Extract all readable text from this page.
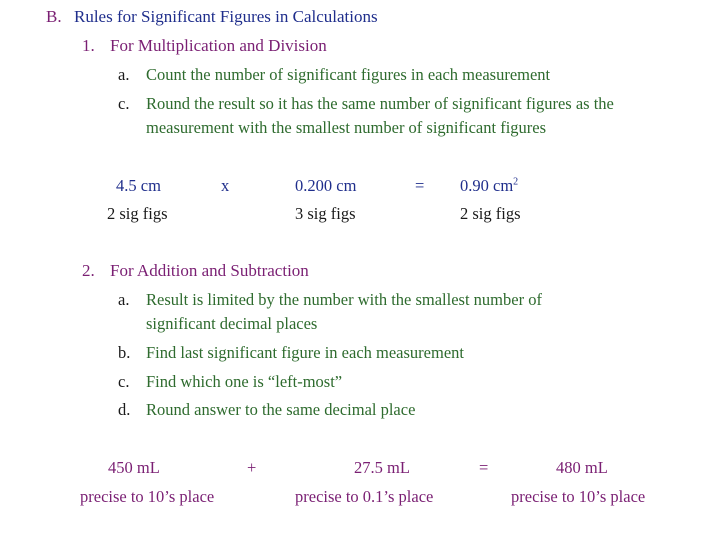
B. Rules for Significant Figures in Calculations
1. For Multiplication and Division
a. Count the number of significant figures in each measurement
c. Round the result so it has the same number of significant figures as the
measurement with the smallest number of significant figures
4.5 cm	x	0.200 cm	= 0.90 $cm^2$
2 sig figs	3 sig figs	2 sig figs
2. For Addition and Subtraction
a. Result is limited by the number with the smallest number of
significant decimal places
b. Find last significant figure in each measurement
c. Find which one is “left-most”
d. Round answer to the same decimal place
450 mL	+	27.5 mL	=	480 mL
precise to 10’s place	precise to 0.1’s place	precise to 10’s place
